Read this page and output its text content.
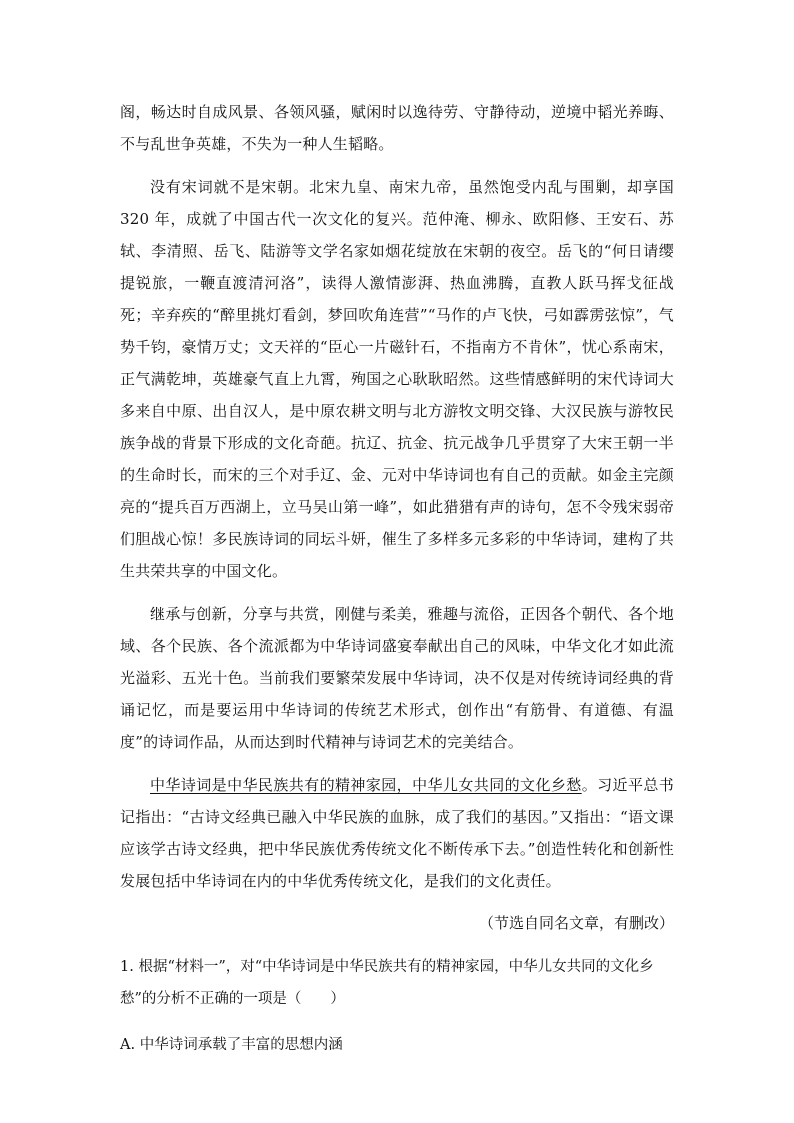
阁，畅达时自成风景、各领风骚，赋闲时以逸待劳、守静待动，逆境中韬光养晦、不与乱世争英雄，不失为一种人生韬略。

没有宋词就不是宋朝。北宋九皇、南宋九帝，虽然饱受内乱与围剿，却享国 320 年，成就了中国古代一次文化的复兴。范仲淹、柳永、欧阳修、王安石、苏轼、李清照、岳飞、陆游等文学名家如烟花绽放在宋朝的夜空。岳飞的“何日请缨提锐旅，一鞭直渡清河洛”，读得人激情澎湃、热血沸腾，直教人跃马挥戈征战死；辛弃疾的“醉里挑灯看剑，梦回吹角连营”“马作的卢飞快，弓如霹雳弦惊”，气势千钧，豪情万丈；文天祥的“臣心一片磁针石，不指南方不肯休”，忧心系南宋，正气满乾坤，英雄豪气直上九霄，殉国之心耿耿昭然。这些情感鲜明的宋代诗词大多来自中原、出自汉人，是中原农耕文明与北方游牧文明交锋、大汉民族与游牧民族争战的背景下形成的文化奇葩。抗辽、抗金、抗元战争几乎贯穿了大宋王朝一半的生命时长，而宋的三个对手辽、金、元对中华诗词也有自己的贡献。如金主完颜亮的“提兵百万西湖上，立马吴山第一峰”，如此猎猎有声的诗句，怎不令残宋弱帝们胆战心惊！多民族诗词的同坛斗妍，催生了多样多元多彩的中华诗词，建构了共生共荣共享的中国文化。

继承与创新，分享与共赏，刚健与柔美，雅趣与流俗，正因各个朝代、各个地域、各个民族、各个流派都为中华诗词盛宴奉献出自己的风味，中华文化才如此流光溢彩、五光十色。当前我们要繁荣发展中华诗词，决不仅是对传统诗词经典的背诵记忆，而是要运用中华诗词的传统艺术形式，创作出“有筋骨、有道德、有温度”的诗词作品，从而达到时代精神与诗词艺术的完美结合。

中华诗词是中华民族共有的精神家园，中华儿女共同的文化乡愁。习近平总书记指出：“古诗文经典已融入中华民族的血脉，成了我们的基因。”又指出：“语文课应该学古诗文经典，把中华民族优秀传统文化不断传承下去。”创造性转化和创新性发展包括中华诗词在内的中华优秀传统文化，是我们的文化责任。

（节选自同名文章，有删改）
1. 根据“材料一”，对“中华诗词是中华民族共有的精神家园，中华儿女共同的文化乡愁”的分析不正确的一项是（　　）
A. 中华诗词承载了丰富的思想内涵
